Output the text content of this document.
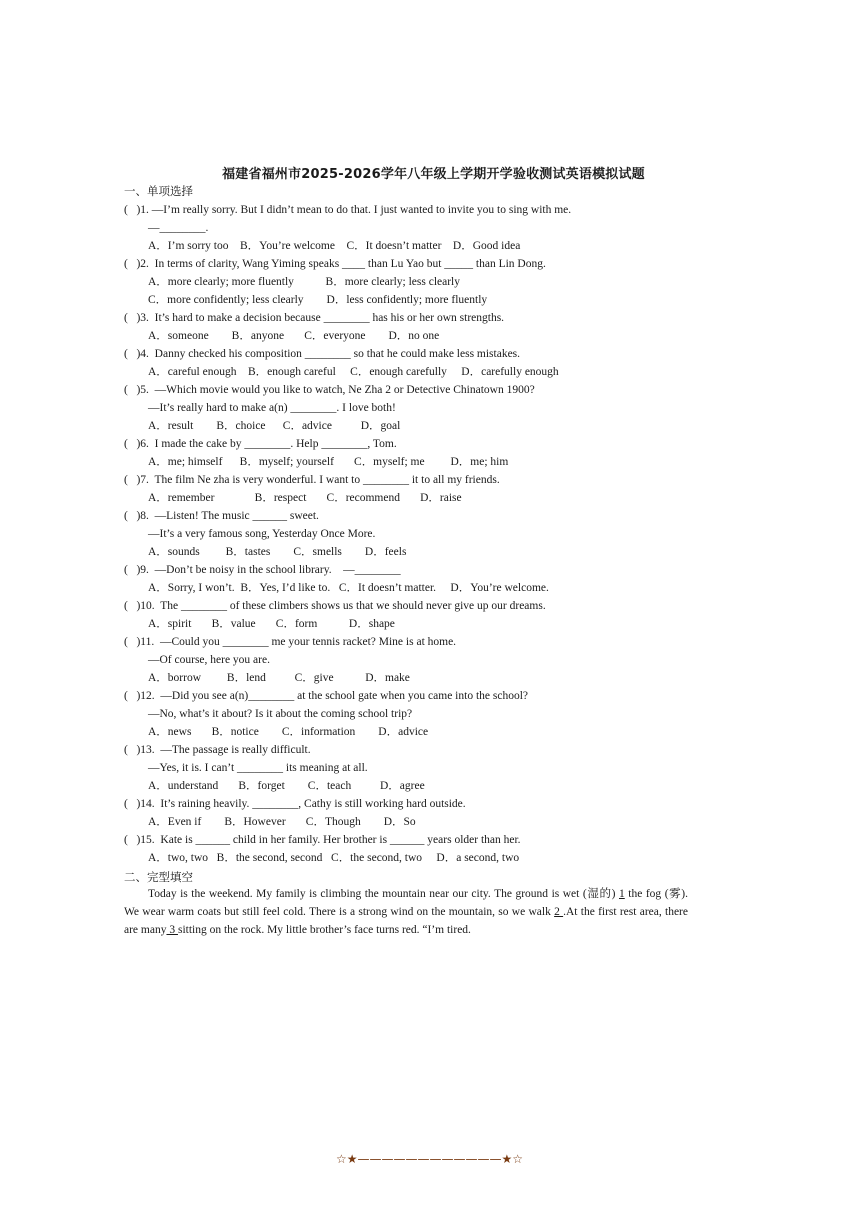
福建省福州市2025-2026学年八年级上学期开学验收测试英语模拟试题
一、单项选择
(   )1. —I’m really sorry. But I didn’t mean to do that. I just wanted to invite you to sing with me.
—________.
A．I’m sorry too    B．You’re welcome    C．It doesn’t matter    D．Good idea
(   )2.  In terms of clarity, Wang Yiming speaks ____ than Lu Yao but _____ than Lin Dong.
A．more clearly; more fluently           B．more clearly; less clearly
C．more confidently; less clearly        D．less confidently; more fluently
(   )3.  It’s hard to make a decision because ________ has his or her own strengths.
A．someone        B．anyone       C．everyone        D．no one
(   )4.  Danny checked his composition ________ so that he could make less mistakes.
A．careful enough    B．enough careful     C．enough carefully     D．carefully enough
(   )5.  —Which movie would you like to watch, Ne Zha 2 or Detective Chinatown 1900?
—It’s really hard to make a(n) ________. I love both!
A．result        B．choice      C．advice          D．goal
(   )6.  I made the cake by ________. Help ________, Tom.
A．me; himself      B．myself; yourself       C．myself; me         D．me; him
(   )7.  The film Ne zha is very wonderful. I want to ________ it to all my friends.
A．remember              B．respect       C．recommend       D．raise
(   )8.  —Listen! The music ______ sweet.
—It’s a very famous song, Yesterday Once More.
A．sounds         B．tastes        C．smells        D．feels
(   )9.  —Don’t be noisy in the school library.    —________
A．Sorry, I won’t.  B．Yes, I’d like to.   C．It doesn’t matter.     D．You’re welcome.
(   )10.  The ________ of these climbers shows us that we should never give up our dreams.
A．spirit       B．value       C．form           D．shape
(   )11.  —Could you ________ me your tennis racket? Mine is at home.
—Of course, here you are.
A．borrow         B．lend          C．give           D．make
(   )12.  —Did you see a(n)________ at the school gate when you came into the school?
—No, what’s it about? Is it about the coming school trip?
A．news       B．notice        C．information        D．advice
(   )13.  —The passage is really difficult.
—Yes, it is. I can’t ________ its meaning at all.
A．understand       B．forget        C．teach          D．agree
(   )14.  It’s raining heavily. ________, Cathy is still working hard outside.
A．Even if        B．However       C．Though        D．So
(   )15.  Kate is ______ child in her family. Her brother is ______ years older than her.
A．two, two   B．the second, second   C．the second, two     D．a second, two
二、完型填空

Today is the weekend. My family is climbing the mountain near our city. The ground is wet (湿的) 1 the fog (雾). We wear warm coats but still feel cold. There is a strong wind on the mountain, so we walk 2 .At the first rest area, there are many 3 sitting on the rock. My little brother’s face turns red. “I’m tired.

☆★————————————★☆
